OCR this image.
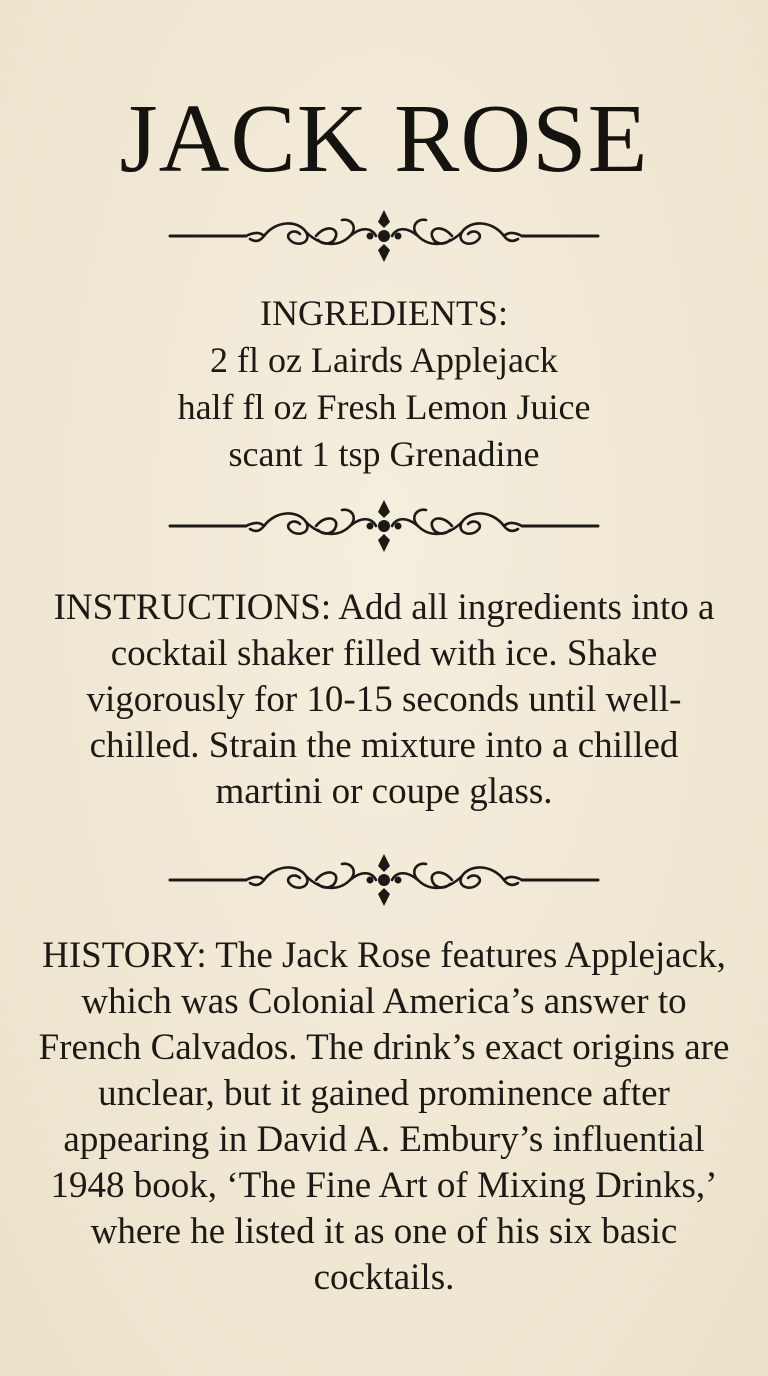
JACK ROSE
INGREDIENTS:
2 fl oz Lairds Applejack
half fl oz Fresh Lemon Juice
scant 1 tsp Grenadine
INSTRUCTIONS: Add all ingredients into a cocktail shaker filled with ice. Shake vigorously for 10-15 seconds until well-chilled. Strain the mixture into a chilled martini or coupe glass.
HISTORY: The Jack Rose features Applejack, which was Colonial America’s answer to French Calvados. The drink’s exact origins are unclear, but it gained prominence after appearing in David A. Embury’s influential 1948 book, ‘The Fine Art of Mixing Drinks,’ where he listed it as one of his six basic cocktails.
